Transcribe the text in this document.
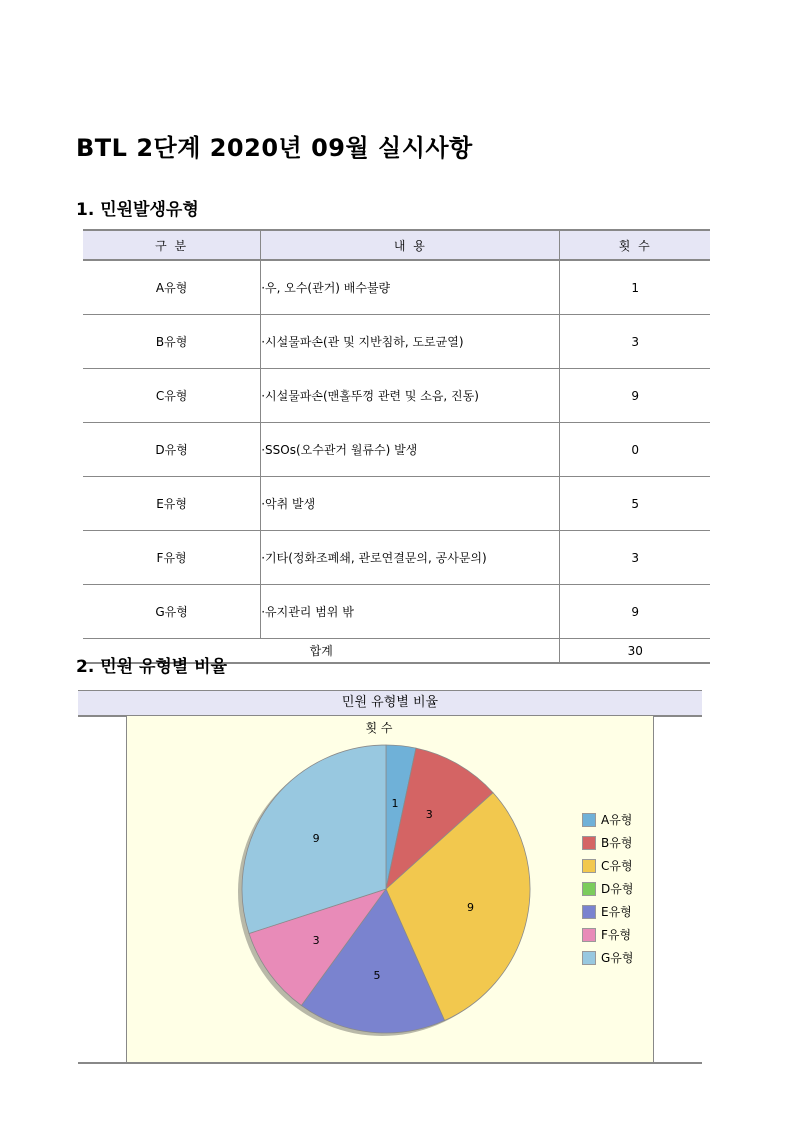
BTL 2단계 2020년 09월 실시사항
1. 민원발생유형
구 분	내 용	횟 수
A유형	·우, 오수(관거) 배수불량	1
B유형	·시설물파손(관 및 지반침하, 도로균열)	3
C유형	·시설물파손(맨홀뚜껑 관련 및 소음, 진동)	9
D유형	·SSOs(오수관거 월류수) 발생	0
E유형	·악취 발생	5
F유형	·기타(정화조폐쇄, 관로연결문의, 공사문의)	3
G유형	·유지관리 범위 밖	9
합계		30
2. 민원 유형별 비율
민원 유형별 비율
횟 수
1
3
9
5
3
9
A유형
B유형
C유형
D유형
E유형
F유형
G유형
